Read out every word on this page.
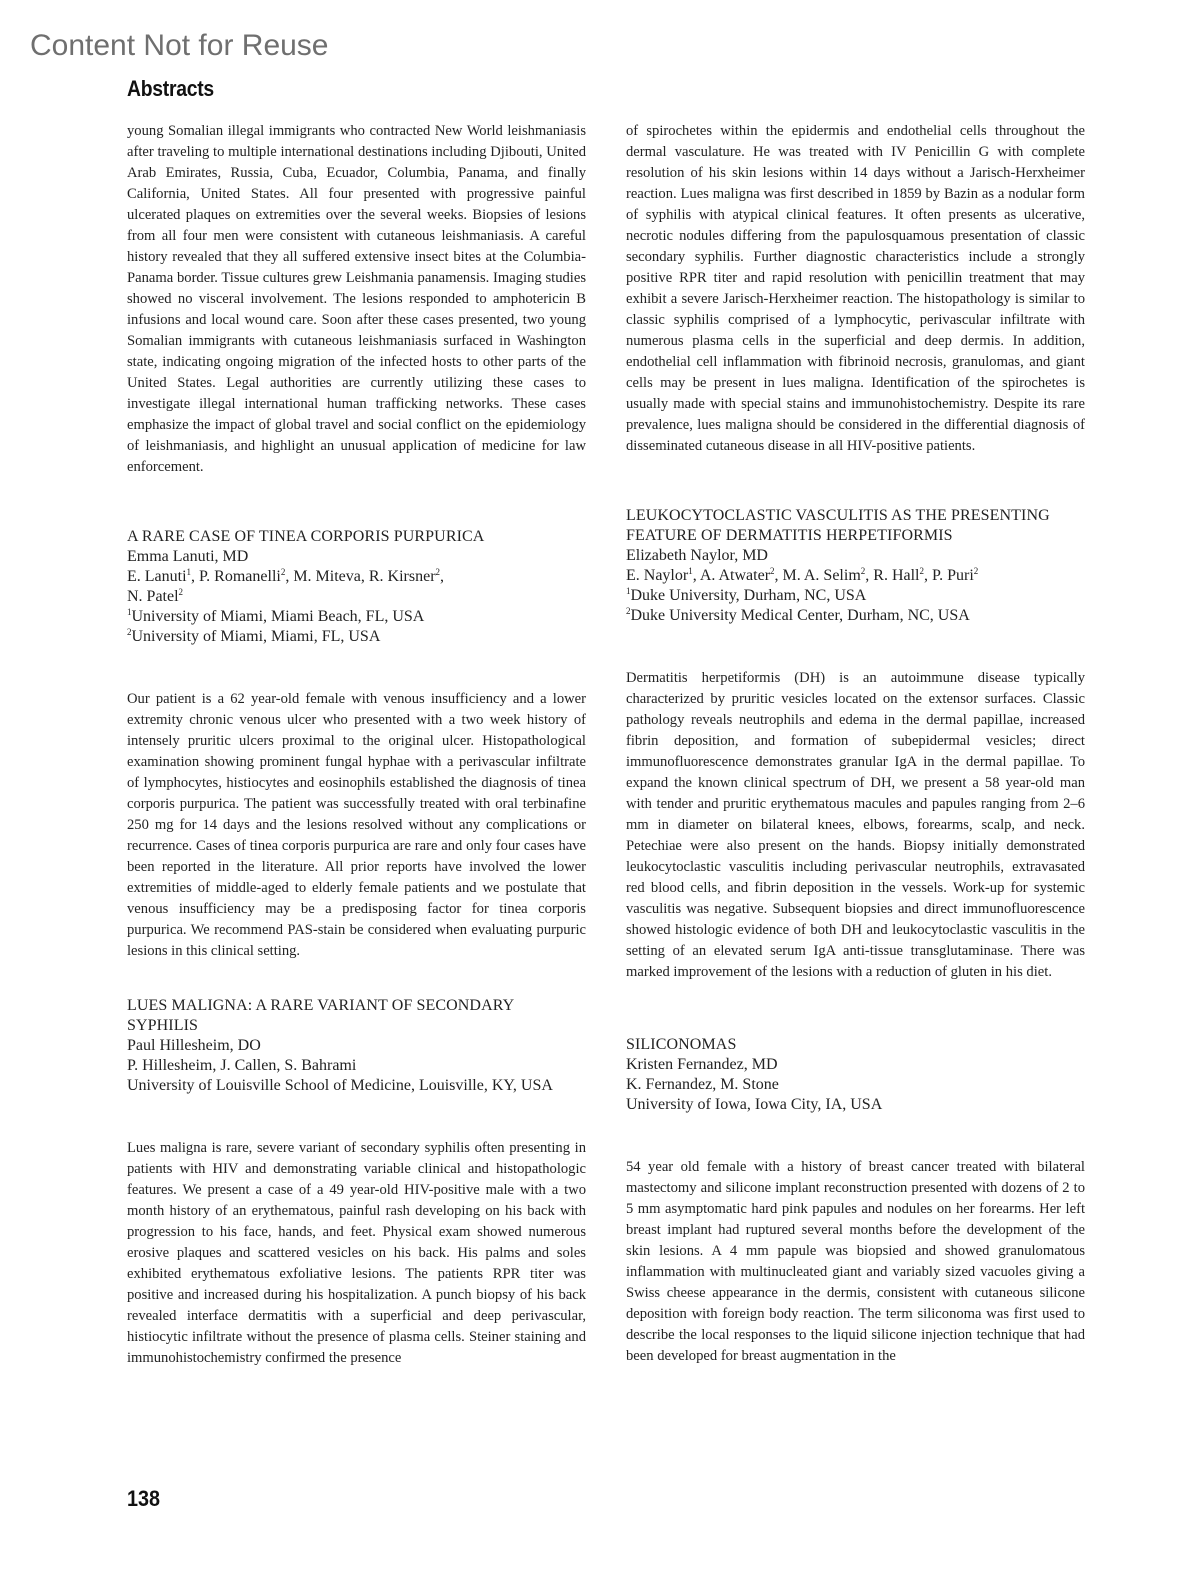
Content Not for Reuse
Abstracts

young Somalian illegal immigrants who contracted New World leishmaniasis after traveling to multiple international destinations including Djibouti, United Arab Emirates, Russia, Cuba, Ecuador, Columbia, Panama, and finally California, United States. All four presented with progressive painful ulcerated plaques on extremities over the several weeks. Biopsies of lesions from all four men were consistent with cutaneous leishmaniasis. A careful history revealed that they all suffered extensive insect bites at the Columbia-Panama border. Tissue cultures grew Leishmania panamensis. Imaging studies showed no visceral involvement. The lesions responded to amphotericin B infusions and local wound care. Soon after these cases presented, two young Somalian immigrants with cutaneous leishmaniasis surfaced in Washington state, indicating ongoing migration of the infected hosts to other parts of the United States. Legal authorities are currently utilizing these cases to investigate illegal international human trafficking networks. These cases emphasize the impact of global travel and social conflict on the epidemiology of leishmaniasis, and highlight an unusual application of medicine for law enforcement.

A RARE CASE OF TINEA CORPORIS PURPURICA
Emma Lanuti, MD
E. Lanuti$^1$, P. Romanelli$^2$, M. Miteva, R. Kirsner$^2$,
N. Patel$^2$
$^1$University of Miami, Miami Beach, FL, USA
$^2$University of Miami, Miami, FL, USA

Our patient is a 62 year-old female with venous insufficiency and a lower extremity chronic venous ulcer who presented with a two week history of intensely pruritic ulcers proximal to the original ulcer. Histopathological examination showing prominent fungal hyphae with a perivascular infiltrate of lymphocytes, histiocytes and eosinophils established the diagnosis of tinea corporis purpurica. The patient was successfully treated with oral terbinafine 250 mg for 14 days and the lesions resolved without any complications or recurrence. Cases of tinea corporis purpurica are rare and only four cases have been reported in the literature. All prior reports have involved the lower extremities of middle-aged to elderly female patients and we postulate that venous insufficiency may be a predisposing factor for tinea corporis purpurica. We recommend PAS-stain be considered when evaluating purpuric lesions in this clinical setting.

LUES MALIGNA: A RARE VARIANT OF SECONDARY SYPHILIS
Paul Hillesheim, DO
P. Hillesheim, J. Callen, S. Bahrami
University of Louisville School of Medicine, Louisville, KY, USA

Lues maligna is rare, severe variant of secondary syphilis often presenting in patients with HIV and demonstrating variable clinical and histopathologic features. We present a case of a 49 year-old HIV-positive male with a two month history of an erythematous, painful rash developing on his back with progression to his face, hands, and feet. Physical exam showed numerous erosive plaques and scattered vesicles on his back. His palms and soles exhibited erythematous exfoliative lesions. The patients RPR titer was positive and increased during his hospitalization. A punch biopsy of his back revealed interface dermatitis with a superficial and deep perivascular, histiocytic infiltrate without the presence of plasma cells. Steiner staining and immunohistochemistry confirmed the presence

of spirochetes within the epidermis and endothelial cells throughout the dermal vasculature. He was treated with IV Penicillin G with complete resolution of his skin lesions within 14 days without a Jarisch-Herxheimer reaction. Lues maligna was first described in 1859 by Bazin as a nodular form of syphilis with atypical clinical features. It often presents as ulcerative, necrotic nodules differing from the papulosquamous presentation of classic secondary syphilis. Further diagnostic characteristics include a strongly positive RPR titer and rapid resolution with penicillin treatment that may exhibit a severe Jarisch-Herxheimer reaction. The histopathology is similar to classic syphilis comprised of a lymphocytic, perivascular infiltrate with numerous plasma cells in the superficial and deep dermis. In addition, endothelial cell inflammation with fibrinoid necrosis, granulomas, and giant cells may be present in lues maligna. Identification of the spirochetes is usually made with special stains and immunohistochemistry. Despite its rare prevalence, lues maligna should be considered in the differential diagnosis of disseminated cutaneous disease in all HIV-positive patients.

LEUKOCYTOCLASTIC VASCULITIS AS THE PRESENTING FEATURE OF DERMATITIS HERPETIFORMIS
Elizabeth Naylor, MD
E. Naylor$^1$, A. Atwater$^2$, M. A. Selim$^2$, R. Hall$^2$, P. Puri$^2$
$^1$Duke University, Durham, NC, USA
$^2$Duke University Medical Center, Durham, NC, USA

Dermatitis herpetiformis (DH) is an autoimmune disease typically characterized by pruritic vesicles located on the extensor surfaces. Classic pathology reveals neutrophils and edema in the dermal papillae, increased fibrin deposition, and formation of subepidermal vesicles; direct immunofluorescence demonstrates granular IgA in the dermal papillae. To expand the known clinical spectrum of DH, we present a 58 year-old man with tender and pruritic erythematous macules and papules ranging from 2–6 mm in diameter on bilateral knees, elbows, forearms, scalp, and neck. Petechiae were also present on the hands. Biopsy initially demonstrated leukocytoclastic vasculitis including perivascular neutrophils, extravasated red blood cells, and fibrin deposition in the vessels. Work-up for systemic vasculitis was negative. Subsequent biopsies and direct immunofluorescence showed histologic evidence of both DH and leukocytoclastic vasculitis in the setting of an elevated serum IgA anti-tissue transglutaminase. There was marked improvement of the lesions with a reduction of gluten in his diet.

SILICONOMAS
Kristen Fernandez, MD
K. Fernandez, M. Stone
University of Iowa, Iowa City, IA, USA

54 year old female with a history of breast cancer treated with bilateral mastectomy and silicone implant reconstruction presented with dozens of 2 to 5 mm asymptomatic hard pink papules and nodules on her forearms. Her left breast implant had ruptured several months before the development of the skin lesions. A 4 mm papule was biopsied and showed granulomatous inflammation with multinucleated giant and variably sized vacuoles giving a Swiss cheese appearance in the dermis, consistent with cutaneous silicone deposition with foreign body reaction. The term siliconoma was first used to describe the local responses to the liquid silicone injection technique that had been developed for breast augmentation in the

138
